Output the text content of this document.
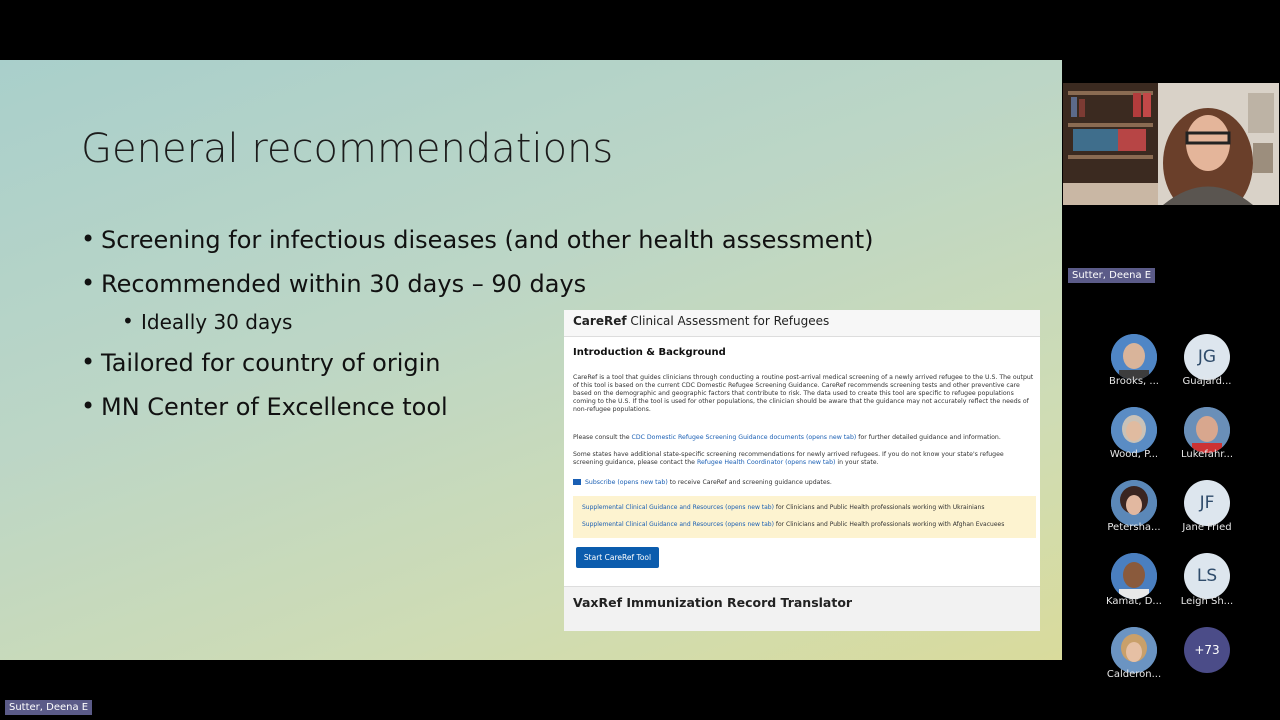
General recommendations
• Screening for infectious diseases (and other health assessment)
• Recommended within 30 days – 90 days
• Ideally 30 days
• Tailored for country of origin
• MN Center of Excellence tool
CareRef Clinical Assessment for Refugees
Introduction & Background
CareRef is a tool that guides clinicians through conducting a routine post-arrival medical screening of a newly arrived refugee to the U.S. The output of this tool is based on the current CDC Domestic Refugee Screening Guidance. CareRef recommends screening tests and other preventive care based on the demographic and geographic factors that contribute to risk. The data used to create this tool are specific to refugee populations coming to the U.S. If the tool is used for other populations, the clinician should be aware that the guidance may not accurately reflect the needs of non-refugee populations.
Please consult the CDC Domestic Refugee Screening Guidance documents (opens new tab) for further detailed guidance and information.
Some states have additional state-specific screening recommendations for newly arrived refugees. If you do not know your state's refugee screening guidance, please contact the Refugee Health Coordinator (opens new tab) in your state.
Subscribe (opens new tab) to receive CareRef and screening guidance updates.
Supplemental Clinical Guidance and Resources (opens new tab) for Clinicians and Public Health professionals working with Ukrainians
Supplemental Clinical Guidance and Resources (opens new tab) for Clinicians and Public Health professionals working with Afghan Evacuees
Start CareRef Tool
VaxRef Immunization Record Translator
Sutter, Deena E
Brooks, ...
JG
Guajard...
Wood, P...	Lukefahr...
Petersha...
JF
Jane Fried
Kamat, D...
LS
Leigh Sh...
Calderon...
+73
Sutter, Deena E
